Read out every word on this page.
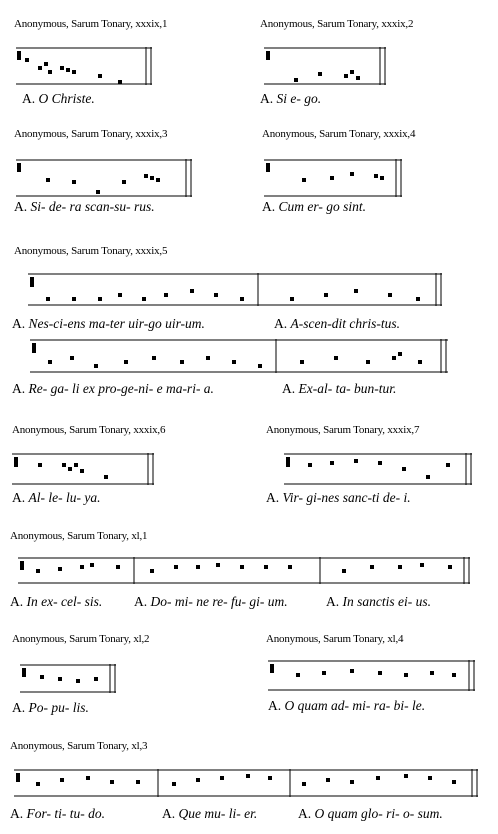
Anonymous, Sarum Tonary, xxxix,1	Anonymous, Sarum Tonary, xxxix,2
Anonymous, Sarum Tonary, xxxix,3	Anonymous, Sarum Tonary, xxxix,4
Anonymous, Sarum Tonary, xxxix,5
Anonymous, Sarum Tonary, xxxix,6	Anonymous, Sarum Tonary, xxxix,7
Anonymous, Sarum Tonary, xl,1
Anonymous, Sarum Tonary, xl,2	Anonymous, Sarum Tonary, xl,4
Anonymous, Sarum Tonary, xl,3
A. O Christe.	A. Si e- go.
A. Si- de- ra scan-su- rus.	A. Cum er- go sint.
A. Nes-ci-ens ma-ter uir-go uir-um.	A. A-scen-dit chris-tus.
A. Re- ga- li ex pro-ge-ni- e ma-ri- a.	A. Ex-al- ta- bun-tur.
A. Al- le- lu- ya.	A. Vir- gi-nes sanc-ti de- i.
A. In ex- cel- sis. A. Do- mi- ne re- fu- gi- um.	A. In sanctis ei- us.
A. Po- pu- lis.	A. O quam ad- mi- ra- bi- le.
A. For- ti- tu- do.	A. Que mu- li- er.	A. O quam glo- ri- o- sum.
